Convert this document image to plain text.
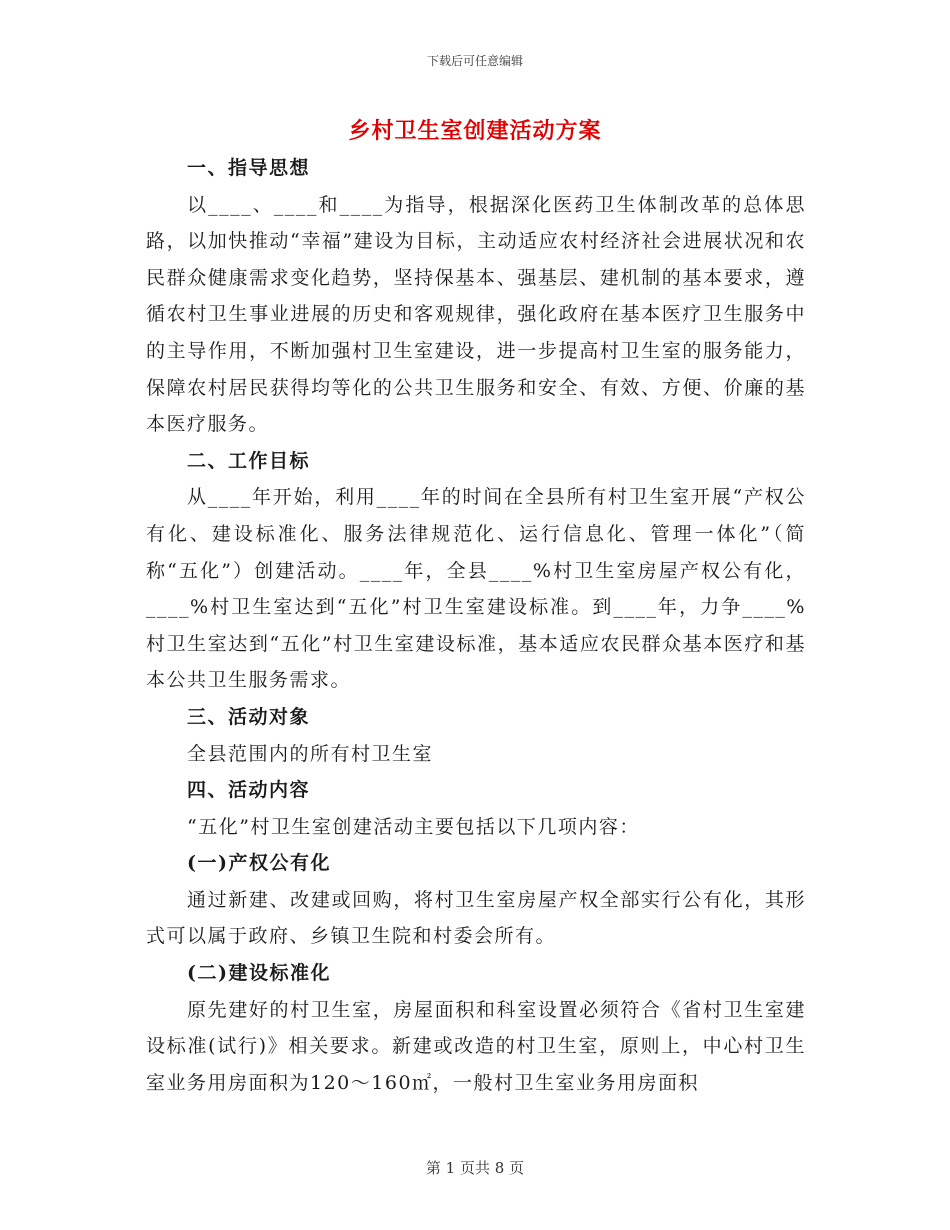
下载后可任意编辑
乡村卫生室创建活动方案

一、指导思想

以____、____和____为指导，根据深化医药卫生体制改革的总体思路，以加快推动“幸福”建设为目标，主动适应农村经济社会进展状况和农民群众健康需求变化趋势，坚持保基本、强基层、建机制的基本要求，遵循农村卫生事业进展的历史和客观规律，强化政府在基本医疗卫生服务中的主导作用，不断加强村卫生室建设，进一步提高村卫生室的服务能力，保障农村居民获得均等化的公共卫生服务和安全、有效、方便、价廉的基本医疗服务。

二、工作目标

从____年开始，利用____年的时间在全县所有村卫生室开展“产权公有化、建设标准化、服务法律规范化、运行信息化、管理一体化”（简称“五化”）创建活动。____年，全县____%村卫生室房屋产权公有化，____%村卫生室达到“五化”村卫生室建设标准。到____年，力争____%村卫生室达到“五化”村卫生室建设标准，基本适应农民群众基本医疗和基本公共卫生服务需求。

三、活动对象

全县范围内的所有村卫生室

四、活动内容

“五化”村卫生室创建活动主要包括以下几项内容：

(一)产权公有化

通过新建、改建或回购，将村卫生室房屋产权全部实行公有化，其形式可以属于政府、乡镇卫生院和村委会所有。

(二)建设标准化

原先建好的村卫生室，房屋面积和科室设置必须符合《省村卫生室建设标准(试行)》相关要求。新建或改造的村卫生室，原则上，中心村卫生室业务用房面积为120～160㎡，一般村卫生室业务用房面积

第 1 页共 8 页
